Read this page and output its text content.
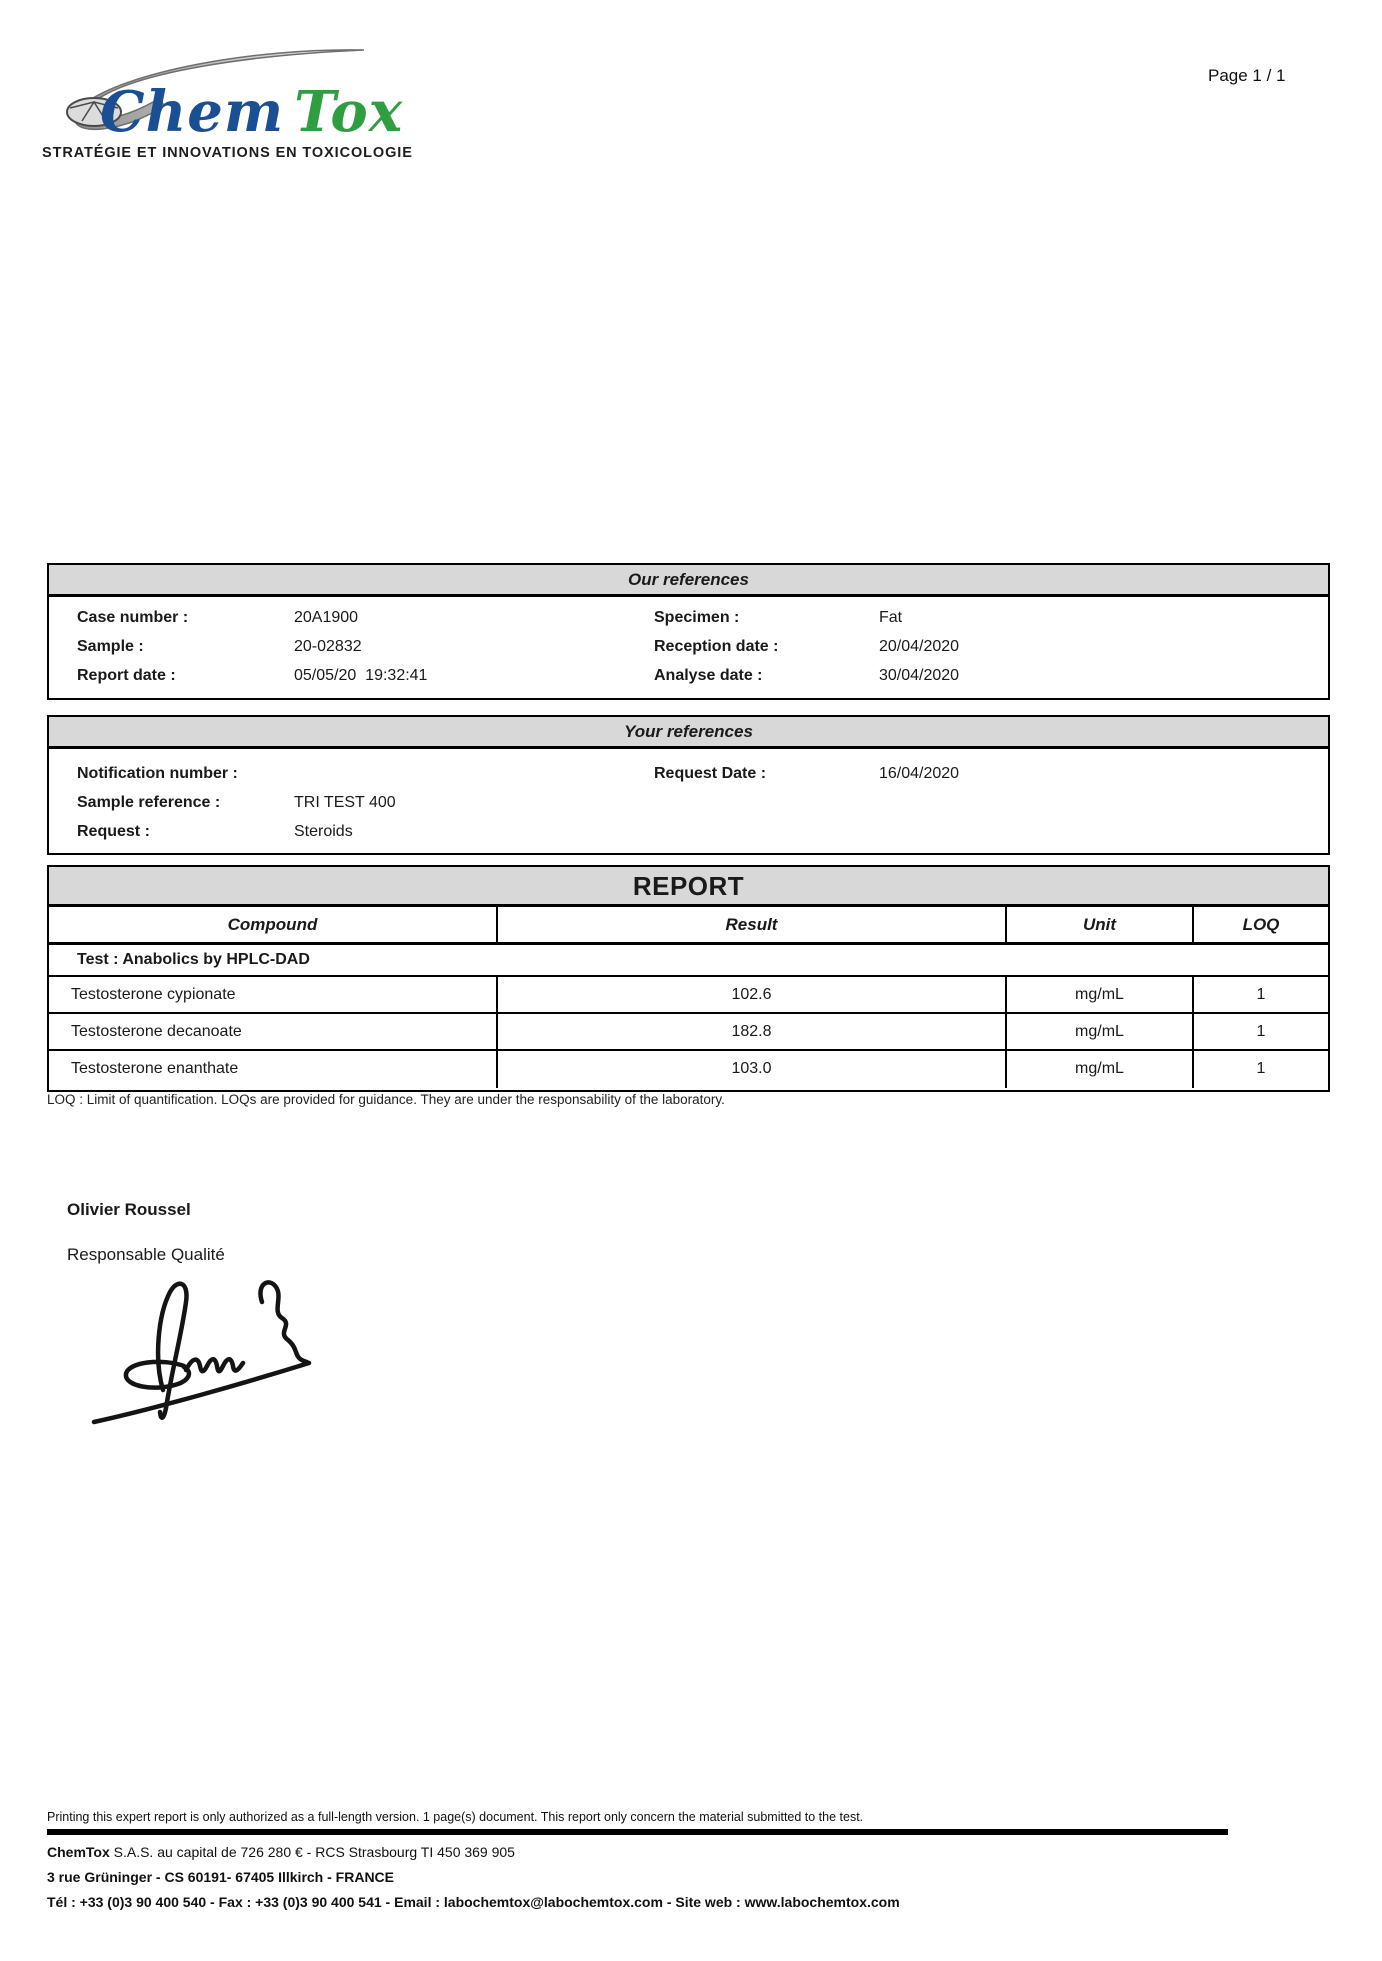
Chem Tox
STRATÉGIE ET INNOVATIONS EN TOXICOLOGIE
Page 1 / 1
Our references
Case number :	20A1900	Specimen :	Fat
Sample :	20-02832	Reception date :	20/04/2020
Report date :	05/05/20  19:32:41	Analyse date :	30/04/2020
Your references
Notification number :	Request Date :	16/04/2020
Sample reference :	TRI TEST 400
Request :	Steroids
REPORT
Compound	Result	Unit	LOQ
Test : Anabolics by HPLC-DAD
Testosterone cypionate	102.6	mg/mL	1
Testosterone decanoate	182.8	mg/mL	1
Testosterone enanthate	103.0	mg/mL	1
LOQ : Limit of quantification. LOQs are provided for guidance. They are under the responsability of the laboratory.
Olivier Roussel
Responsable Qualité
Printing this expert report is only authorized as a full-length version. 1 page(s) document. This report only concern the material submitted to the test.
ChemTox S.A.S. au capital de 726 280 € - RCS Strasbourg TI 450 369 905
3 rue Grüninger - CS 60191- 67405 Illkirch - FRANCE
Tél : +33 (0)3 90 400 540 - Fax : +33 (0)3 90 400 541 - Email : labochemtox@labochemtox.com - Site web : www.labochemtox.com
